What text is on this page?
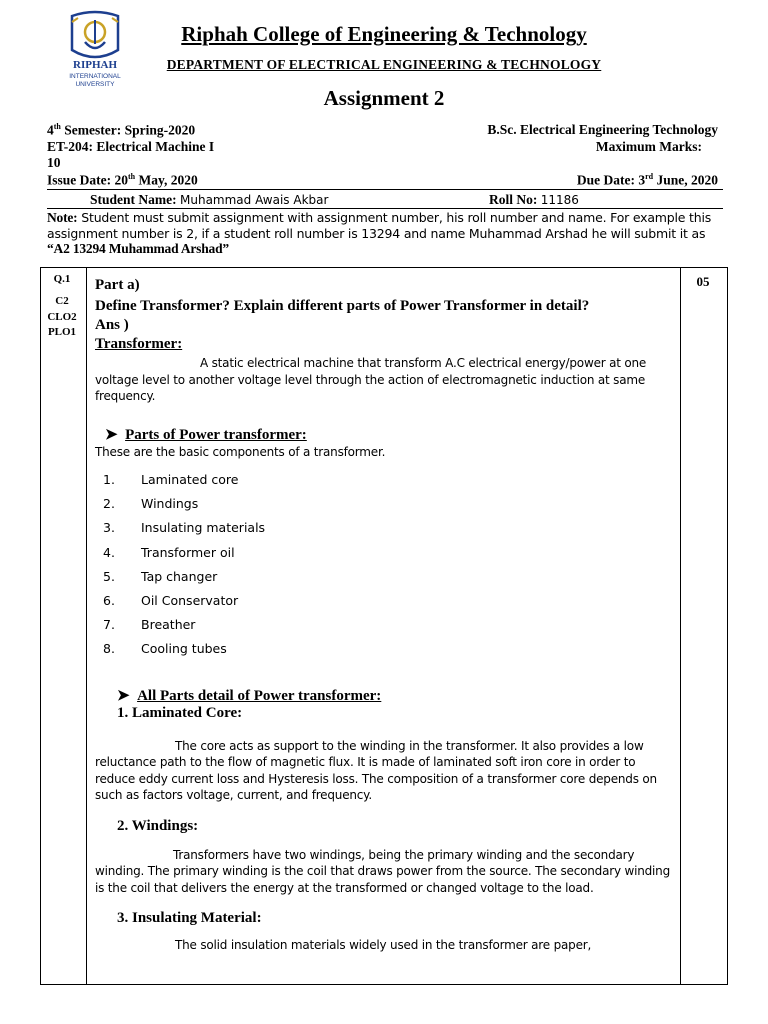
RIPHAH
INTERNATIONAL
UNIVERSITY
Riphah College of Engineering & Technology
DEPARTMENT OF ELECTRICAL ENGINEERING & TECHNOLOGY
Assignment 2
4th Semester: Spring-2020	B.Sc. Electrical Engineering Technology
ET-204: Electrical Machine I	Maximum Marks:
10
Issue Date: 20th May, 2020	Due Date: 3rd June, 2020
Student Name: Muhammad Awais Akbar	Roll No: 11186
Note: Student must submit assignment with assignment number, his roll number and name. For example this assignment number is 2, if a student roll number is 13294 and name Muhammad Arshad he will submit it as
“A2 13294 Muhammad Arshad”
Q.1
C2
CLO2
PLO1
05
Part a)
Define Transformer? Explain different parts of Power Transformer in detail?
Ans )
Transformer:
A static electrical machine that transform A.C electrical energy/power at one voltage level to another voltage level through the action of electromagnetic induction at same frequency.
➤ Parts of Power transformer:
These are the basic components of a transformer.
1. Laminated core
2. Windings
3. Insulating materials
4. Transformer oil
5. Tap changer
6. Oil Conservator
7. Breather
8. Cooling tubes
➤ All Parts detail of Power transformer:
1. Laminated Core:
The core acts as support to the winding in the transformer. It also provides a low reluctance path to the flow of magnetic flux. It is made of laminated soft iron core in order to reduce eddy current loss and Hysteresis loss. The composition of a transformer core depends on such as factors voltage, current, and frequency.
2. Windings:
Transformers have two windings, being the primary winding and the secondary winding. The primary winding is the coil that draws power from the source. The secondary winding is the coil that delivers the energy at the transformed or changed voltage to the load.
3. Insulating Material:
The solid insulation materials widely used in the transformer are paper,
